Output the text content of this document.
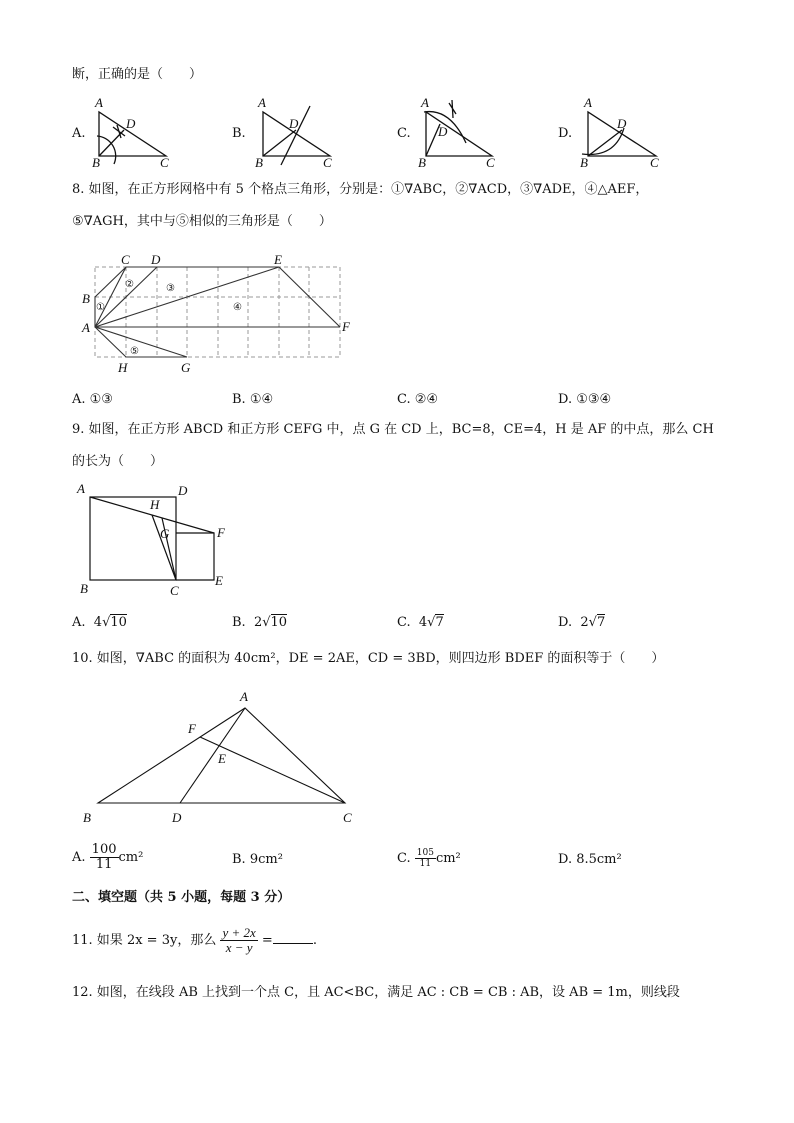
断，正确的是（　　）
A
D
B	C
A
D
B	C
A
D
B	C
A
D
B	C
C D	E
F
B
A
H	G
①
②	③
④
⑤
A	D
H
G	F
B	C
E
A
F
E
B	D	C
A.	B.	C.	D.
8. 如图，在正方形网格中有 5 个格点三角形，分别是：①∇ABC，②∇ACD，③∇ADE，④△AEF，
⑤∇AGH，其中与⑤相似的三角形是（　　）
A. ①③	B. ①④	C. ②④	D. ①③④
9. 如图，在正方形 ABCD 和正方形 CEFG 中，点 G 在 CD 上，BC=8，CE=4，H 是 AF 的中点，那么 CH
的长为（　　）
A. 4√10	B. 2√10	C. 4√7	D. 2√7
10. 如图，∇ABC 的面积为 40cm²，DE = 2AE，CD = 3BD，则四边形 BDEF 的面积等于（　　）
A. $\frac{100}{11} cm^2$	B. 9cm²	C. $\frac{105}{11} cm^2$	D. 8.5cm²
二、填空题（共 5 小题，每题 3 分）
11. 如果 2x = 3y，那么 $\frac{y + 2x}{x - y}$ =	.
12. 如图，在线段 AB 上找到一个点 C，且 AC<BC，满足 AC : CB = CB : AB，设 AB = 1m，则线段
